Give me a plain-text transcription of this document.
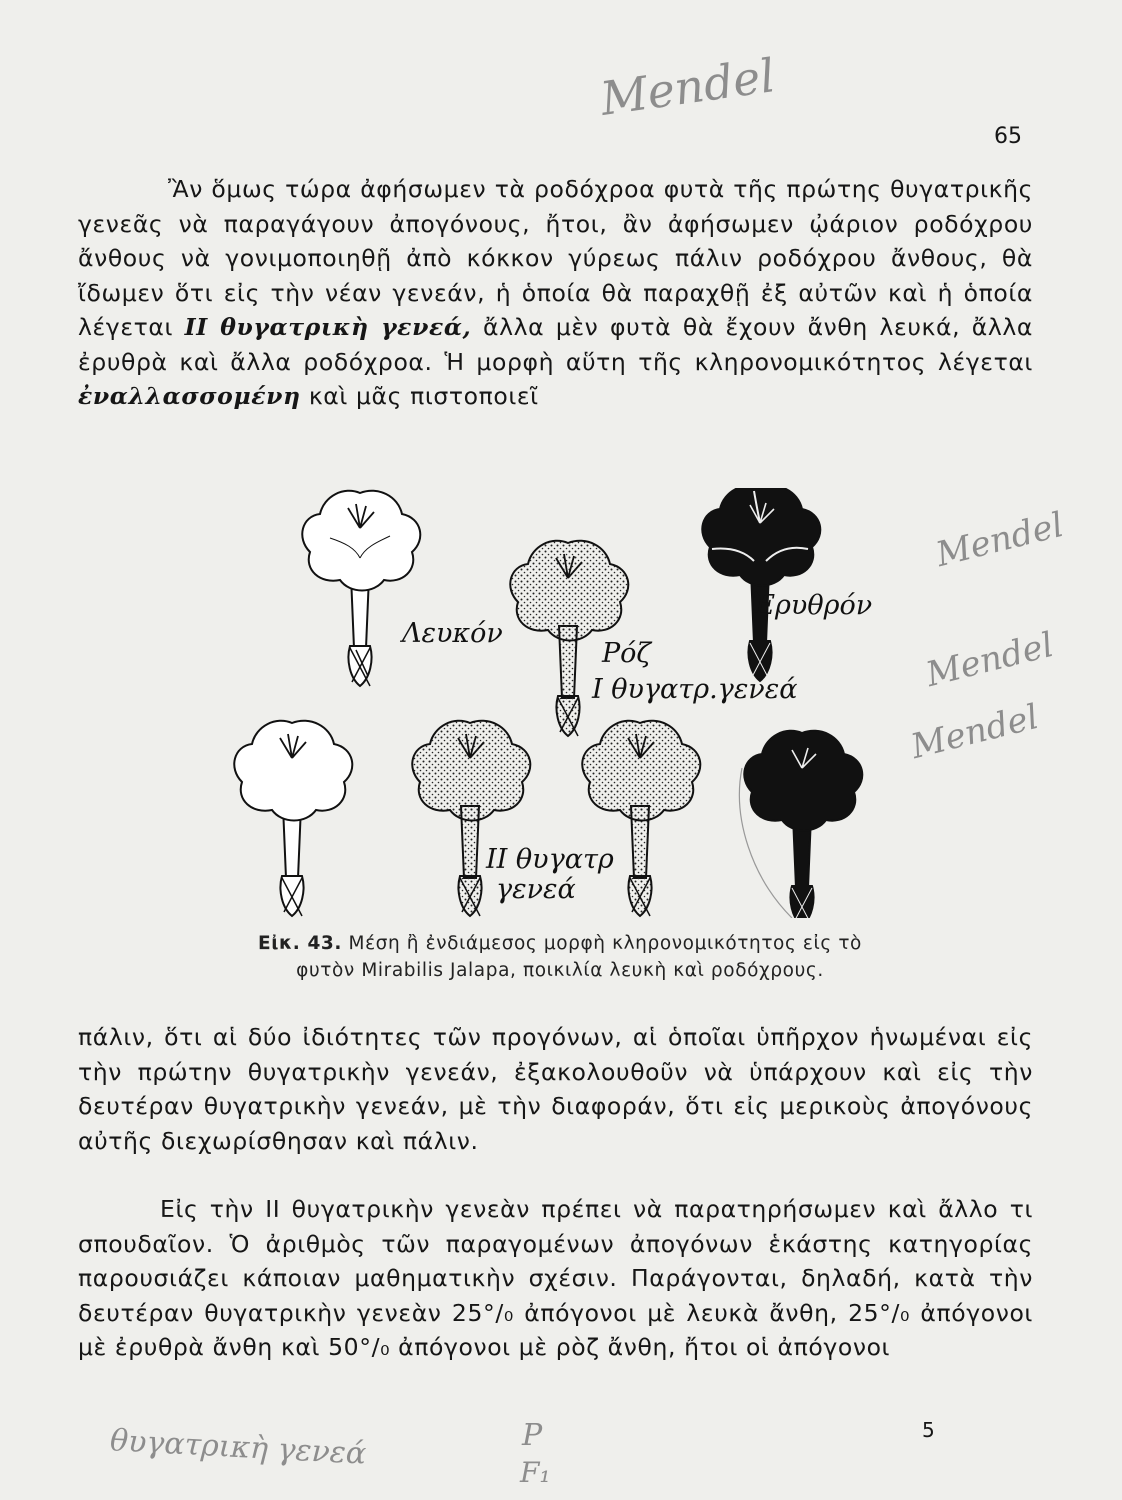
65

Ἂν ὅμως τώρα ἀφήσωμεν τὰ ροδόχροα φυτὰ τῆς πρώτης θυγατρικῆς γενεᾶς νὰ παραγάγουν ἀπογόνους, ἤτοι, ἂν ἀφήσωμεν ᾠάριον ροδόχρου ἄνθους νὰ γονιμοποιηθῇ ἀπὸ κόκκον γύρεως πάλιν ροδόχρου ἄνθους, θὰ ἴδωμεν ὅτι εἰς τὴν νέαν γενεάν, ἡ ὁποία θὰ παραχθῇ ἐξ αὐτῶν καὶ ἡ ὁποία λέγεται ΙΙ θυγατρικὴ γενεά, ἄλλα μὲν φυτὰ θὰ ἔχουν ἄνθη λευκά, ἄλλα ἐρυθρὰ καὶ ἄλλα ροδόχροα. Ἡ μορφὴ αὕτη τῆς κληρονομικότητος λέγεται ἐναλλασσομένη καὶ μᾶς πιστοποιεῖ

Λευκόν
Ἐρυθρόν
Ρόζ
Ι θυγατρ.γενεά
ΙΙ θυγατρ
γενεά
Εἰκ. 43. Μέση ἢ ἐνδιάμεσος μορφὴ κληρονομικότητος εἰς τὸ
φυτὸν Mirabilis Jalapa, ποικιλία λευκὴ καὶ ροδόχρους.

πάλιν, ὅτι αἱ δύο ἰδιότητες τῶν προγόνων, αἱ ὁποῖαι ὑπῆρχον ἡνωμέναι εἰς τὴν πρώτην θυγατρικὴν γενεάν, ἐξακολουθοῦν νὰ ὑπάρχουν καὶ εἰς τὴν δευτέραν θυγατρικὴν γενεάν, μὲ τὴν διαφοράν, ὅτι εἰς μερικοὺς ἀπογόνους αὐτῆς διεχωρίσθησαν καὶ πάλιν.

Εἰς τὴν ΙΙ θυγατρικὴν γενεὰν πρέπει νὰ παρατηρήσωμεν καὶ ἄλλο τι σπουδαῖον. Ὁ ἀριθμὸς τῶν παραγομένων ἀπογόνων ἑκάστης κατηγορίας παρουσιάζει κάποιαν μαθηματικὴν σχέσιν. Παράγονται, δηλαδή, κατὰ τὴν δευτέραν θυγατρικὴν γενεὰν 25°/₀ ἀπόγονοι μὲ λευκὰ ἄνθη, 25°/₀ ἀπόγονοι μὲ ἐρυθρὰ ἄνθη καὶ 50°/₀ ἀπόγονοι μὲ ρὸζ ἄνθη, ἤτοι οἱ ἀπόγονοι

5
Mendel
Mendel
Mendel
Mendel
θυγατρικὴ γενεά	P
F₁
